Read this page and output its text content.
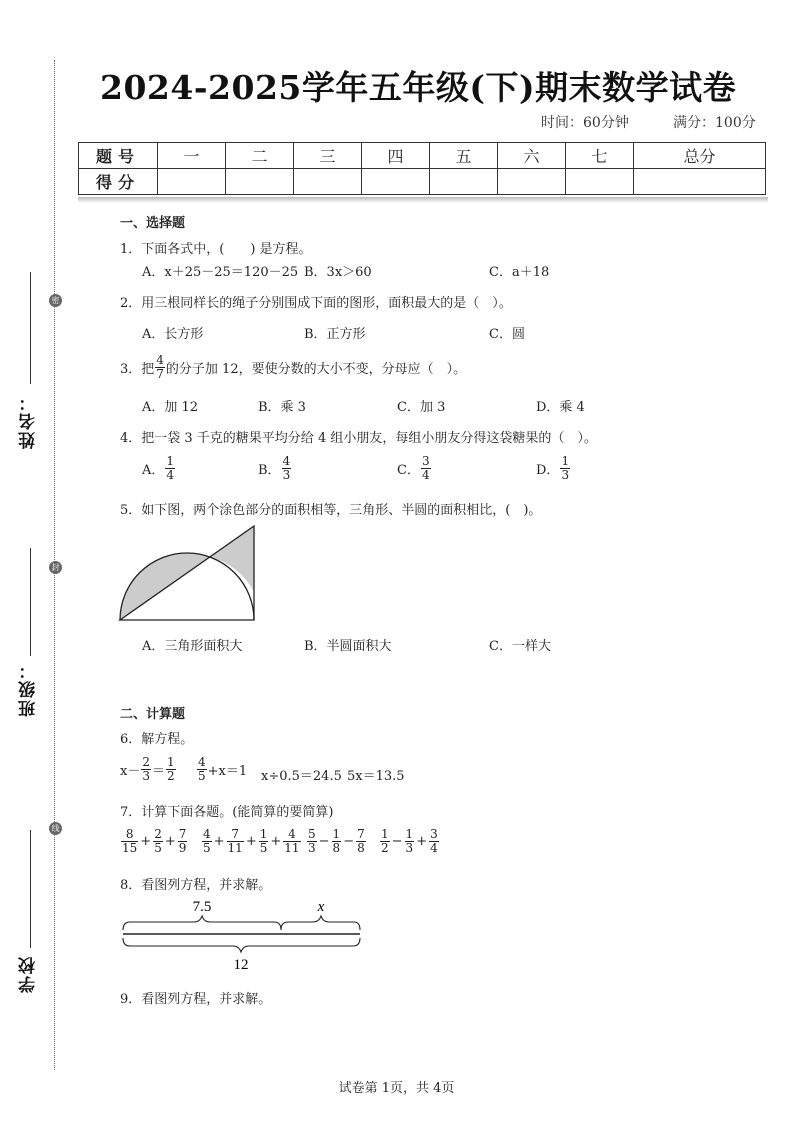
密
封
线
姓名：
班级：
学校
2024-2025学年五年级(下)期末数学试卷
时间：60分钟	满分：100分
题号	一	二	三	四	五	六	七	总分
得分								
一、选择题
1．下面各式中，(　　) 是方程。
A．x＋25－25＝120－25 B．3x＞60	C．a＋18
2．用三根同样长的绳子分别围成下面的图形，面积最大的是（　）。
A．长方形	B．正方形	C．圆
3．把 $\frac{4}{7}$ 的分子加 12，要使分数的大小不变，分母应（　）。
A．加 12	B．乘 3	C．加 3	D．乘 4
4．把一袋 3 千克的糖果平均分给 4 组小朋友，每组小朋友分得这袋糖果的（　）。
A． $\frac{1}{4}$	B． $\frac{4}{3}$	C． $\frac{3}{4}$	D． $\frac{1}{3}$
5．如下图，两个涂色部分的面积相等，三角形、半圆的面积相比，(　)。
A．三角形面积大	B．半圆面积大	C．一样大
二、计算题
6．解方程。
$x- \frac{2}{3} = \frac{1}{2} \frac{4}{5} +x=1$ x÷0.5＝24.5 5x＝13.5
7．计算下面各题。(能简算的要简算)
$\frac{8}{15} + \frac{2}{5} + \frac{7}{9} \frac{4}{5} + \frac{7}{11} + \frac{1}{5} + \frac{4}{11} \frac{5}{3} - \frac{1}{8} - \frac{7}{8} \frac{1}{2} - \frac{1}{3} + \frac{3}{4}$
8．看图列方程，并求解。
7.5	x
12
9．看图列方程，并求解。
试卷第 1页，共 4页
